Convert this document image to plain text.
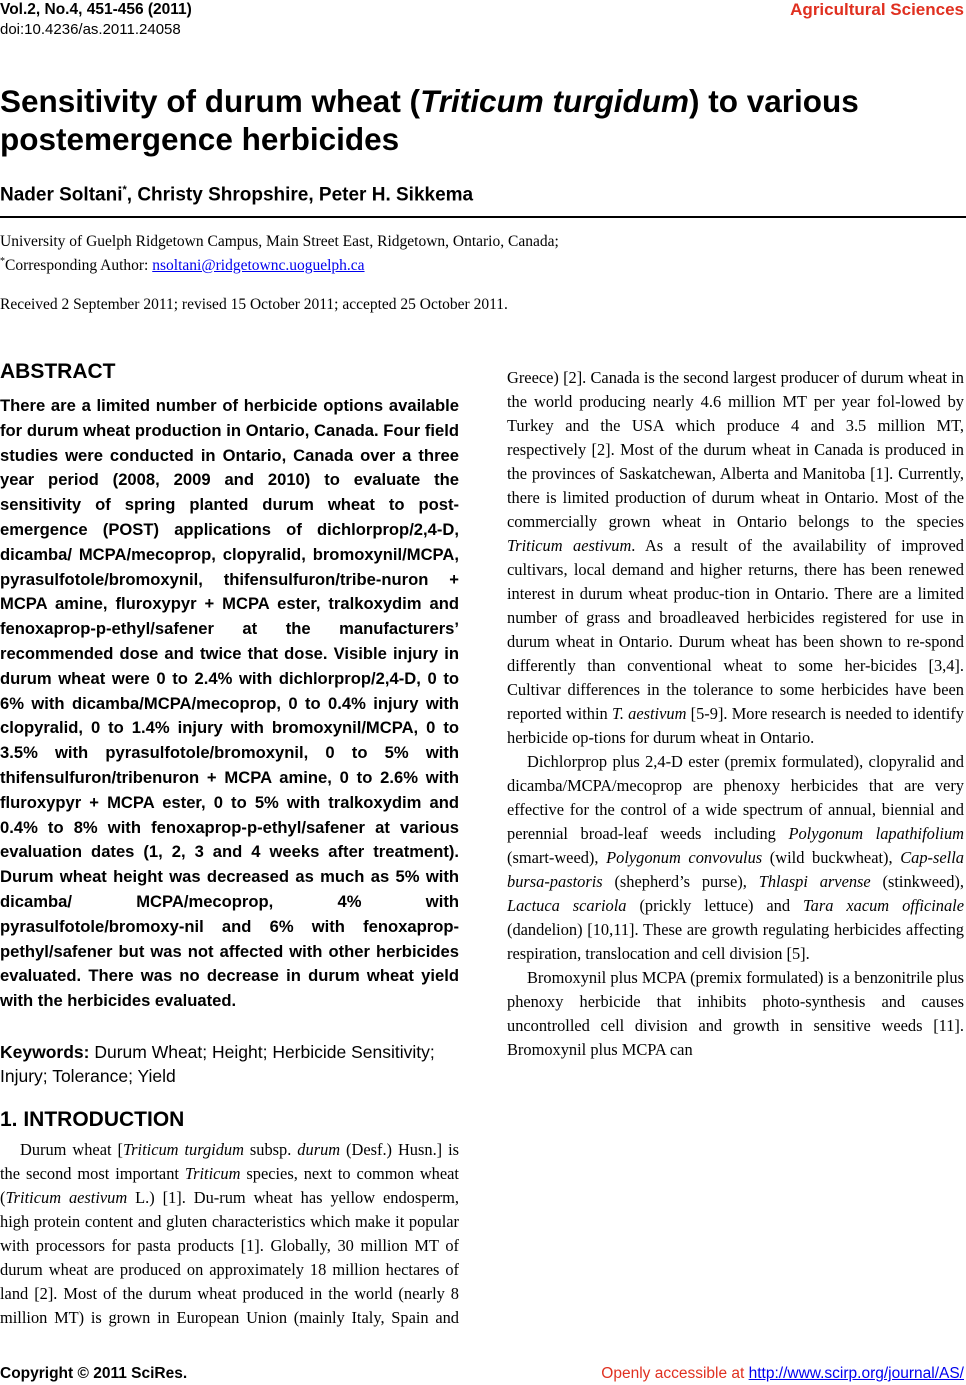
Vol.2, No.4, 451-456 (2011)
doi:10.4236/as.2011.24058
Agricultural Sciences
Sensitivity of durum wheat (Triticum turgidum) to various postemergence herbicides
Nader Soltani*, Christy Shropshire, Peter H. Sikkema
University of Guelph Ridgetown Campus, Main Street East, Ridgetown, Ontario, Canada;
*Corresponding Author: nsoltani@ridgetownc.uoguelph.ca
Received 2 September 2011; revised 15 October 2011; accepted 25 October 2011.
ABSTRACT

There are a limited number of herbicide options available for durum wheat production in Ontario, Canada. Four field studies were conducted in Ontario, Canada over a three year period (2008, 2009 and 2010) to evaluate the sensitivity of spring planted durum wheat to post-emergence (POST) applications of dichlorprop/2,4-D, dicamba/ MCPA/mecoprop, clopyralid, bromoxynil/MCPA, pyrasulfotole/bromoxynil, thifensulfuron/tribe-nuron + MCPA amine, fluroxypyr + MCPA ester, tralkoxydim and fenoxaprop-p-ethyl/safener at the manufacturers’ recommended dose and twice that dose. Visible injury in durum wheat were 0 to 2.4% with dichlorprop/2,4-D, 0 to 6% with dicamba/MCPA/mecoprop, 0 to 0.4% injury with clopyralid, 0 to 1.4% injury with bromoxynil/MCPA, 0 to 3.5% with pyrasulfotole/bromoxynil, 0 to 5% with thifensulfuron/tribenuron + MCPA amine, 0 to 2.6% with fluroxypyr + MCPA ester, 0 to 5% with tralkoxydim and 0.4% to 8% with fenoxaprop-p-ethyl/safener at various evaluation dates (1, 2, 3 and 4 weeks after treatment). Durum wheat height was decreased as much as 5% with dicamba/ MCPA/mecoprop, 4% with pyrasulfotole/bromoxy-nil and 6% with fenoxaprop-pethyl/safener but was not affected with other herbicides evaluated. There was no decrease in durum wheat yield with the herbicides evaluated.

Keywords: Durum Wheat; Height; Herbicide Sensitivity; Injury; Tolerance; Yield

1. INTRODUCTION

Durum wheat [Triticum turgidum subsp. durum (Desf.) Husn.] is the second most important Triticum species, next to common wheat (Triticum aestivum L.) [1]. Du-rum wheat has yellow endosperm, high protein content and gluten characteristics which make it popular with processors for pasta products [1]. Globally, 30 million MT of durum wheat are produced on approximately 18 million hectares of land [2]. Most of the durum wheat produced in the world (nearly 8 million MT) is grown in European Union (mainly Italy, Spain and

Greece) [2]. Canada is the second largest producer of durum wheat in the world producing nearly 4.6 million MT per year fol-lowed by Turkey and the USA which produce 4 and 3.5 million MT, respectively [2]. Most of the durum wheat in Canada is produced in the provinces of Saskatchewan, Alberta and Manitoba [1]. Currently, there is limited production of durum wheat in Ontario. Most of the commercially grown wheat in Ontario belongs to the species Triticum aestivum. As a result of the availability of improved cultivars, local demand and higher returns, there has been renewed interest in durum wheat produc-tion in Ontario. There are a limited number of grass and broadleaved herbicides registered for use in durum wheat in Ontario. Durum wheat has been shown to re-spond differently than conventional wheat to some her-bicides [3,4]. Cultivar differences in the tolerance to some herbicides have been reported within T. aestivum [5-9]. More research is needed to identify herbicide op-tions for durum wheat in Ontario.

Dichlorprop plus 2,4-D ester (premix formulated), clopyralid and dicamba/MCPA/mecoprop are phenoxy herbicides that are very effective for the control of a wide spectrum of annual, biennial and perennial broad-leaf weeds including Polygonum lapathifolium (smart-weed), Polygonum convovulus (wild buckwheat), Cap-sella bursa-pastoris (shepherd’s purse), Thlaspi arvense (stinkweed), Lactuca scariola (prickly lettuce) and Tara xacum officinale (dandelion) [10,11]. These are growth regulating herbicides affecting respiration, translocation and cell division [5].

Bromoxynil plus MCPA (premix formulated) is a benzonitrile plus phenoxy herbicide that inhibits photo-synthesis and causes uncontrolled cell division and growth in sensitive weeds [11]. Bromoxynil plus MCPA can

Copyright © 2011 SciRes.	Openly accessible at http://www.scirp.org/journal/AS/
